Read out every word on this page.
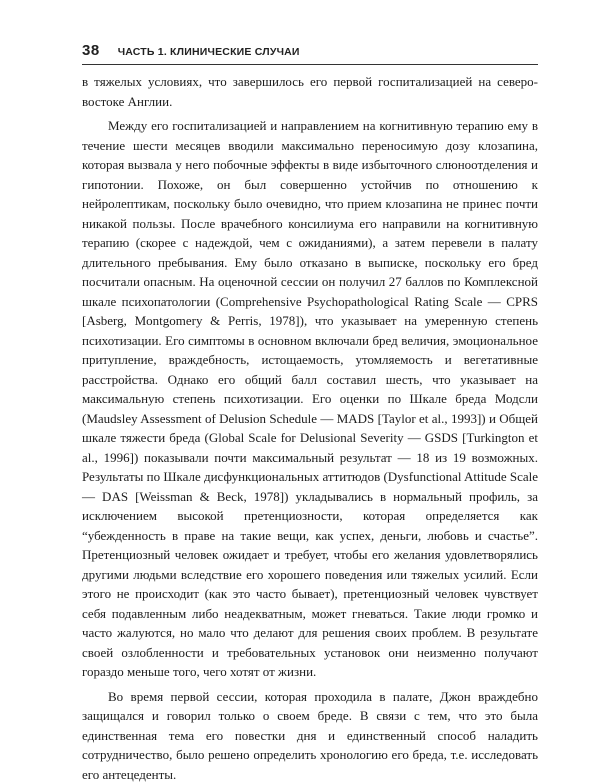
38 ЧАСТЬ 1. КЛИНИЧЕСКИЕ СЛУЧАИ

в тяжелых условиях, что завершилось его первой госпитализацией на северо-востоке Англии.

Между его госпитализацией и направлением на когнитивную терапию ему в течение шести месяцев вводили максимально переносимую дозу клозапина, которая вызвала у него побочные эффекты в виде избыточного слюноотделения и гипотонии. Похоже, он был совершенно устойчив по отношению к нейролептикам, поскольку было очевидно, что прием клозапина не принес почти никакой пользы. После врачебного консилиума его направили на когнитивную терапию (скорее с надеждой, чем с ожиданиями), а затем перевели в палату длительного пребывания. Ему было отказано в выписке, поскольку его бред посчитали опасным. На оценочной сессии он получил 27 баллов по Комплексной шкале психопатологии (Comprehensive Psychopathological Rating Scale — CPRS [Asberg, Montgomery & Perris, 1978]), что указывает на умеренную степень психотизации. Его симптомы в основном включали бред величия, эмоциональное притупление, враждебность, истощаемость, утомляемость и вегетативные расстройства. Однако его общий балл составил шесть, что указывает на максимальную степень психотизации. Его оценки по Шкале бреда Модсли (Maudsley Assessment of Delusion Schedule — MADS [Taylor et al., 1993]) и Общей шкале тяжести бреда (Global Scale for Delusional Severity — GSDS [Turkington et al., 1996]) показывали почти максимальный результат — 18 из 19 возможных. Результаты по Шкале дисфункциональных аттитюдов (Dysfunctional Attitude Scale — DAS [Weissman & Beck, 1978]) укладывались в нормальный профиль, за исключением высокой претенциозности, которая определяется как “убежденность в праве на такие вещи, как успех, деньги, любовь и счастье”. Претенциозный человек ожидает и требует, чтобы его желания удовлетворялись другими людьми вследствие его хорошего поведения или тяжелых усилий. Если этого не происходит (как это часто бывает), претенциозный человек чувствует себя подавленным либо неадекватным, может гневаться. Такие люди громко и часто жалуются, но мало что делают для решения своих проблем. В результате своей озлобленности и требовательных установок они неизменно получают гораздо меньше того, чего хотят от жизни.

Во время первой сессии, которая проходила в палате, Джон враждебно защищался и говорил только о своем бреде. В связи с тем, что это была единственная тема его повестки дня и единственный способ наладить сотрудничество, было решено определить хронологию его бреда, т.е. исследовать его антецеденты.
